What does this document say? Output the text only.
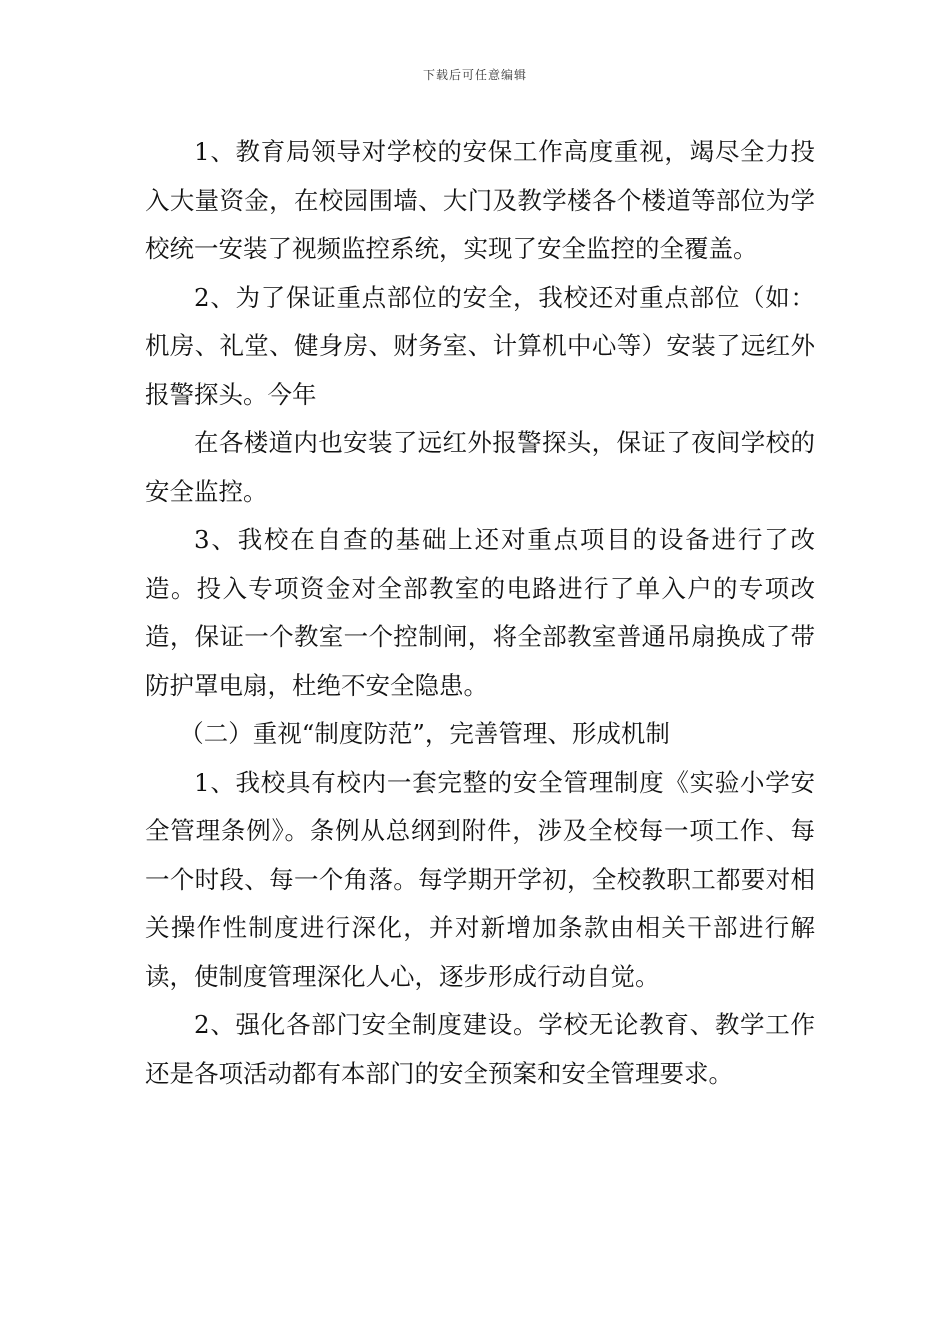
下载后可任意编辑

1、教育局领导对学校的安保工作高度重视，竭尽全力投入大量资金，在校园围墙、大门及教学楼各个楼道等部位为学校统一安装了视频监控系统，实现了安全监控的全覆盖。

2、为了保证重点部位的安全，我校还对重点部位（如：机房、礼堂、健身房、财务室、计算机中心等）安装了远红外报警探头。今年

在各楼道内也安装了远红外报警探头，保证了夜间学校的安全监控。

3、我校在自查的基础上还对重点项目的设备进行了改造。投入专项资金对全部教室的电路进行了单入户的专项改造，保证一个教室一个控制闸，将全部教室普通吊扇换成了带防护罩电扇，杜绝不安全隐患。

（二）重视“制度防范”，完善管理、形成机制

1、我校具有校内一套完整的安全管理制度《实验小学安全管理条例》。条例从总纲到附件，涉及全校每一项工作、每一个时段、每一个角落。每学期开学初，全校教职工都要对相关操作性制度进行深化，并对新增加条款由相关干部进行解读，使制度管理深化人心，逐步形成行动自觉。

2、强化各部门安全制度建设。学校无论教育、教学工作还是各项活动都有本部门的安全预案和安全管理要求。
